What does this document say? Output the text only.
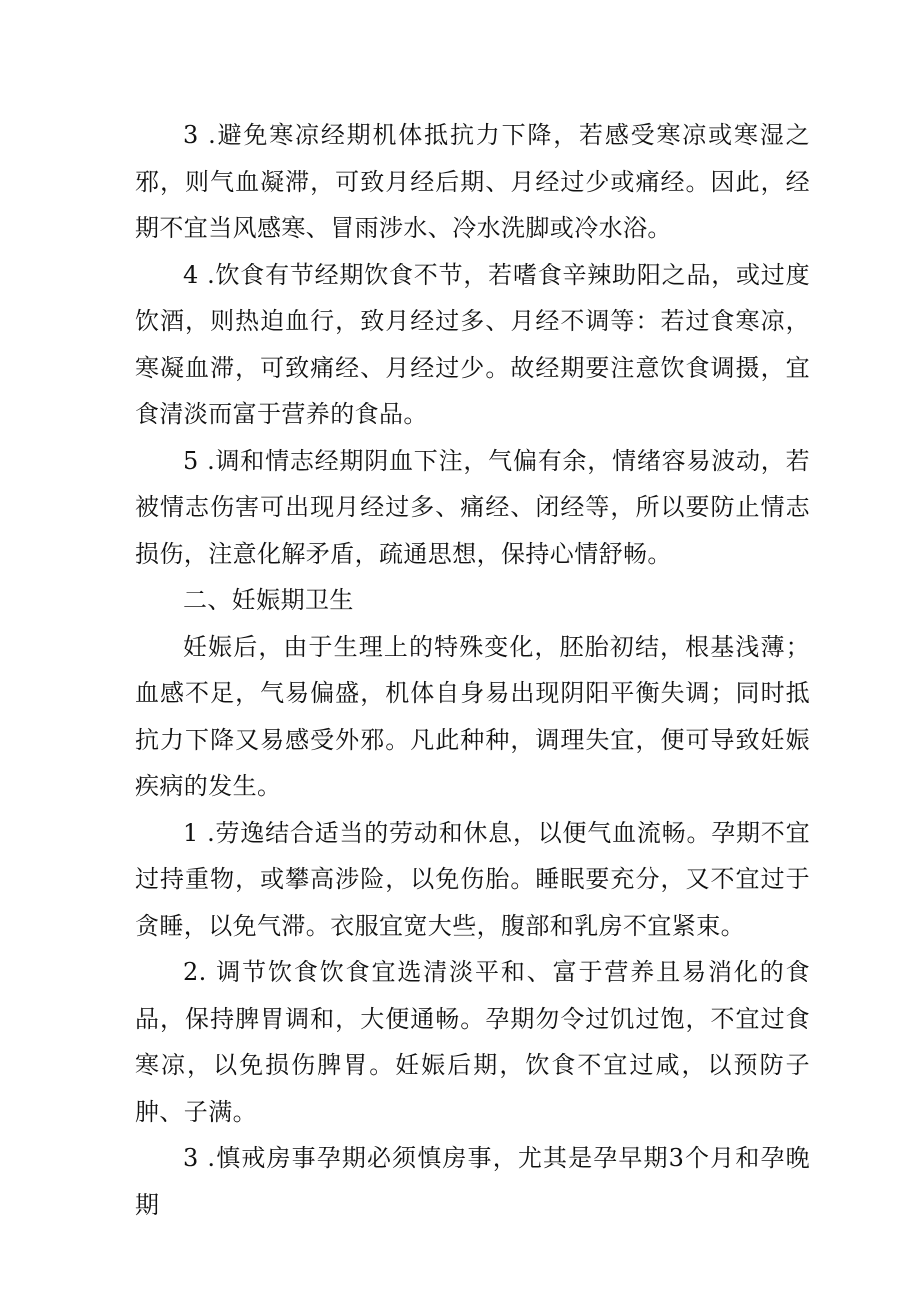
3 .避免寒凉经期机体抵抗力下降，若感受寒凉或寒湿之邪，则气血凝滞，可致月经后期、月经过少或痛经。因此，经期不宜当风感寒、冒雨涉水、冷水洗脚或冷水浴。

4 .饮食有节经期饮食不节，若嗜食辛辣助阳之品，或过度饮酒，则热迫血行，致月经过多、月经不调等：若过食寒凉，寒凝血滞，可致痛经、月经过少。故经期要注意饮食调摄，宜食清淡而富于营养的食品。

5 .调和情志经期阴血下注，气偏有余，情绪容易波动，若被情志伤害可出现月经过多、痛经、闭经等，所以要防止情志损伤，注意化解矛盾，疏通思想，保持心情舒畅。

二、妊娠期卫生

妊娠后，由于生理上的特殊变化，胚胎初结，根基浅薄；血感不足，气易偏盛，机体自身易出现阴阳平衡失调；同时抵抗力下降又易感受外邪。凡此种种，调理失宜，便可导致妊娠疾病的发生。

1 .劳逸结合适当的劳动和休息，以便气血流畅。孕期不宜过持重物，或攀高涉险，以免伤胎。睡眠要充分，又不宜过于贪睡，以免气滞。衣服宜宽大些，腹部和乳房不宜紧束。

2. 调节饮食饮食宜选清淡平和、富于营养且易消化的食品，保持脾胃调和，大便通畅。孕期勿令过饥过饱，不宜过食寒凉，以免损伤脾胃。妊娠后期，饮食不宜过咸，以预防子肿、子满。

3 .慎戒房事孕期必须慎房事，尤其是孕早期3个月和孕晚期
